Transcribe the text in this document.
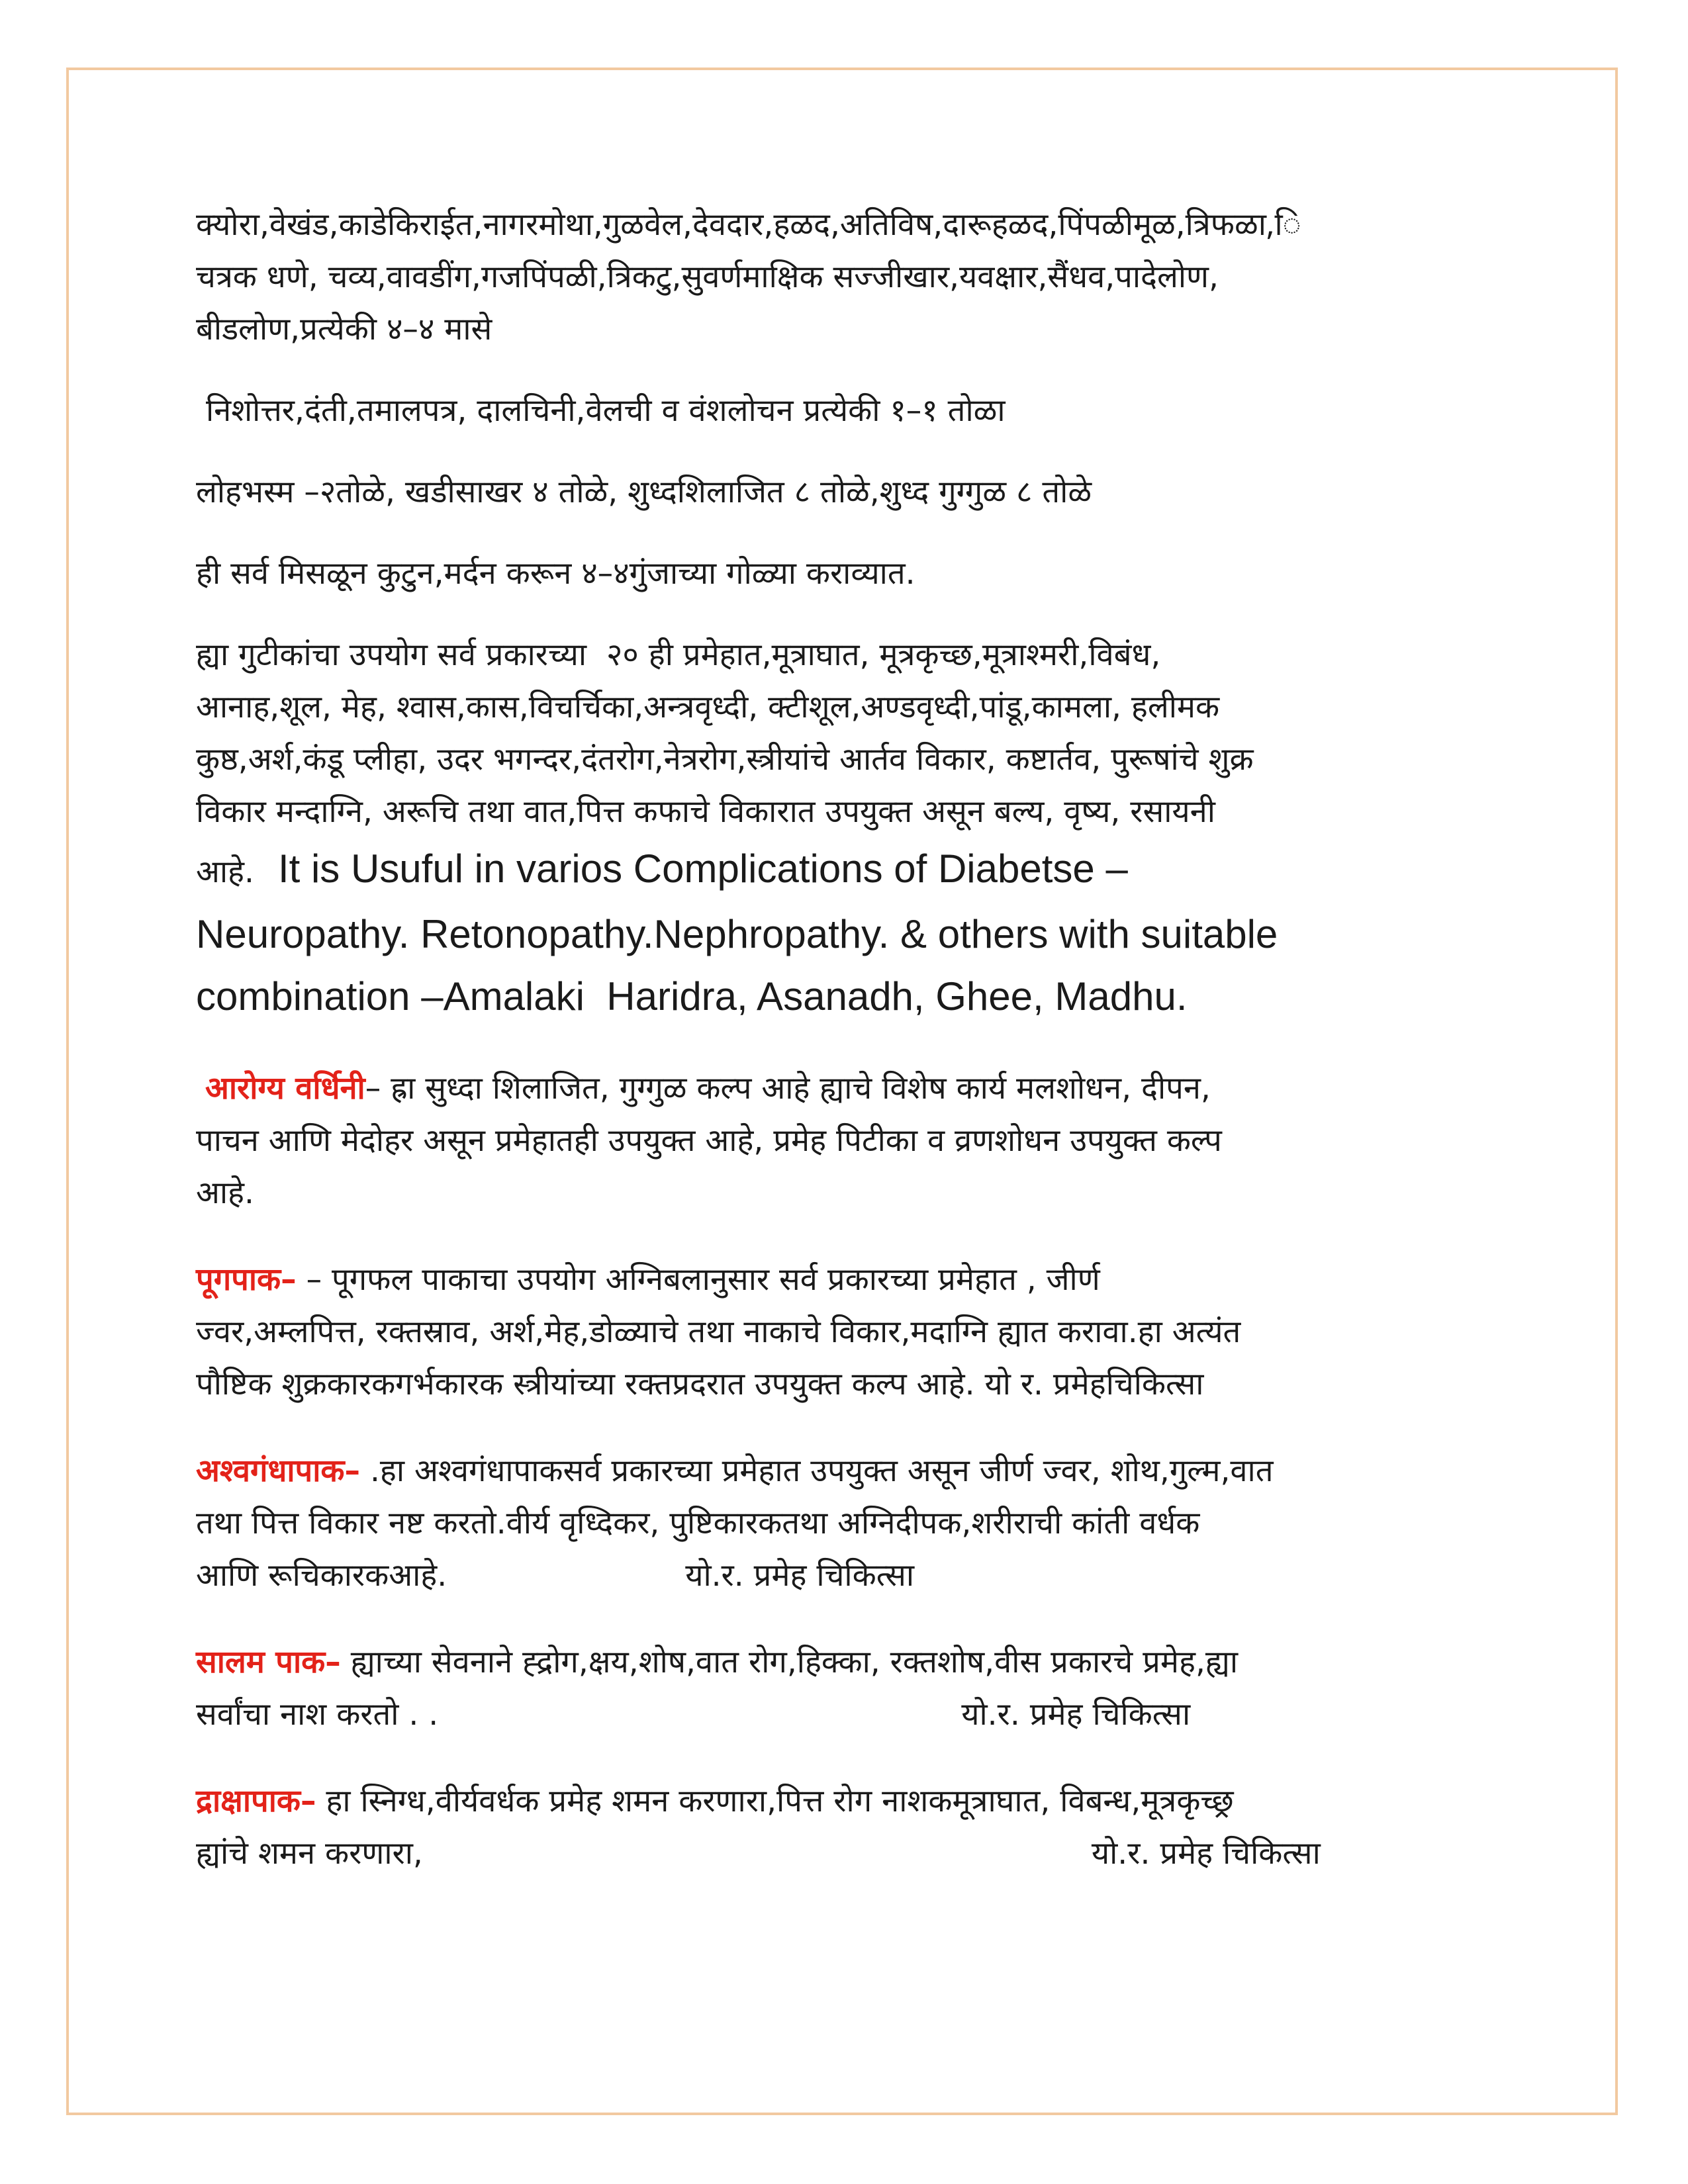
क्योरा,वेखंड,काडेकिराईत,नागरमोथा,गुळवेल,देवदार,हळद,अतिविष,दारूहळद,पिंपळीमूळ,त्रिफळा,ि

चत्रक धणे, चव्य,वावडींग,गजपिंपळी,त्रिकटु,सुवर्णमाक्षिक सज्जीखार,यवक्षार,सैंधव,पादेलोण,

बीडलोण,प्रत्येकी ४–४ मासे

निशोत्तर,दंती,तमालपत्र, दालचिनी,वेलची व वंशलोचन प्रत्येकी १–१ तोळा

लोहभस्म –२तोळे, खडीसाखर ४ तोळे, शुध्दशिलाजित ८ तोळे,शुध्द गुग्गुळ ८ तोळे

ही सर्व मिसळून कुटुन,मर्दन करून ४–४गुंजाच्या गोळ्या कराव्यात.

ह्या गुटीकांचा उपयोग सर्व प्रकारच्या  २० ही प्रमेहात,मूत्राघात, मूत्रकृच्छ,मूत्राश्मरी,विबंध,

आनाह,शूल, मेह, श्वास,कास,विचर्चिका,अन्त्रवृध्दी, क्टीशूल,अण्डवृध्दी,पांडू,कामला, हलीमक

कुष्ठ,अर्श,कंडू प्लीहा, उदर भगन्दर,दंतरोग,नेत्ररोग,स्त्रीयांचे आर्तव विकार, कष्टार्तव, पुरूषांचे शुक्र

विकार मन्दाग्नि, अरूचि तथा वात,पित्त कफाचे विकारात उपयुक्त असून बल्य, वृष्य, रसायनी

आहे. It is Usuful in varios Complications of Diabetse –

Neuropathy. Retonopathy.Nephropathy. & others with suitable

combination –Amalaki  Haridra, Asanadh, Ghee, Madhu.

आरोग्य वर्धिनी– ह्रा सुध्दा शिलाजित, गुग्गुळ कल्प आहे ह्याचे विशेष कार्य मलशोधन, दीपन,

पाचन आणि मेदोहर असून प्रमेहातही उपयुक्त आहे, प्रमेह पिटीका व व्रणशोधन उपयुक्त कल्प

आहे.

पूगपाक– – पूगफल पाकाचा उपयोग अग्निबलानुसार सर्व प्रकारच्या प्रमेहात , जीर्ण

ज्वर,अम्लपित्त, रक्तस्राव, अर्श,मेह,डोळ्याचे तथा नाकाचे विकार,मदाग्नि ह्यात करावा.हा अत्यंत

पौष्टिक शुक्रकारकगर्भकारक स्त्रीयांच्या रक्तप्रदरात उपयुक्त कल्प आहे. यो र. प्रमेहचिकित्सा

अश्वगंधापाक– .हा अश्वगंधापाकसर्व प्रकारच्या प्रमेहात उपयुक्त असून जीर्ण ज्वर, शोथ,गुल्म,वात

तथा पित्त विकार नष्ट करतो.वीर्य वृध्दिकर, पुष्टिकारकतथा अग्निदीपक,शरीराची कांती वर्धक

आणि रूचिकारकआहे.	यो.र. प्रमेह चिकित्सा

सालम पाक– ह्याच्या सेवनाने ह्द्रोग,क्षय,शोष,वात रोग,हिक्का, रक्तशोष,वीस प्रकारचे प्रमेह,ह्या

सर्वांचा नाश करतो . .	यो.र. प्रमेह चिकित्सा

द्राक्षापाक– हा स्निग्ध,वीर्यवर्धक प्रमेह शमन करणारा,पित्त रोग नाशकमूत्राघात, विबन्ध,मूत्रकृच्छ्र

ह्यांचे शमन करणारा,	यो.र. प्रमेह चिकित्सा
